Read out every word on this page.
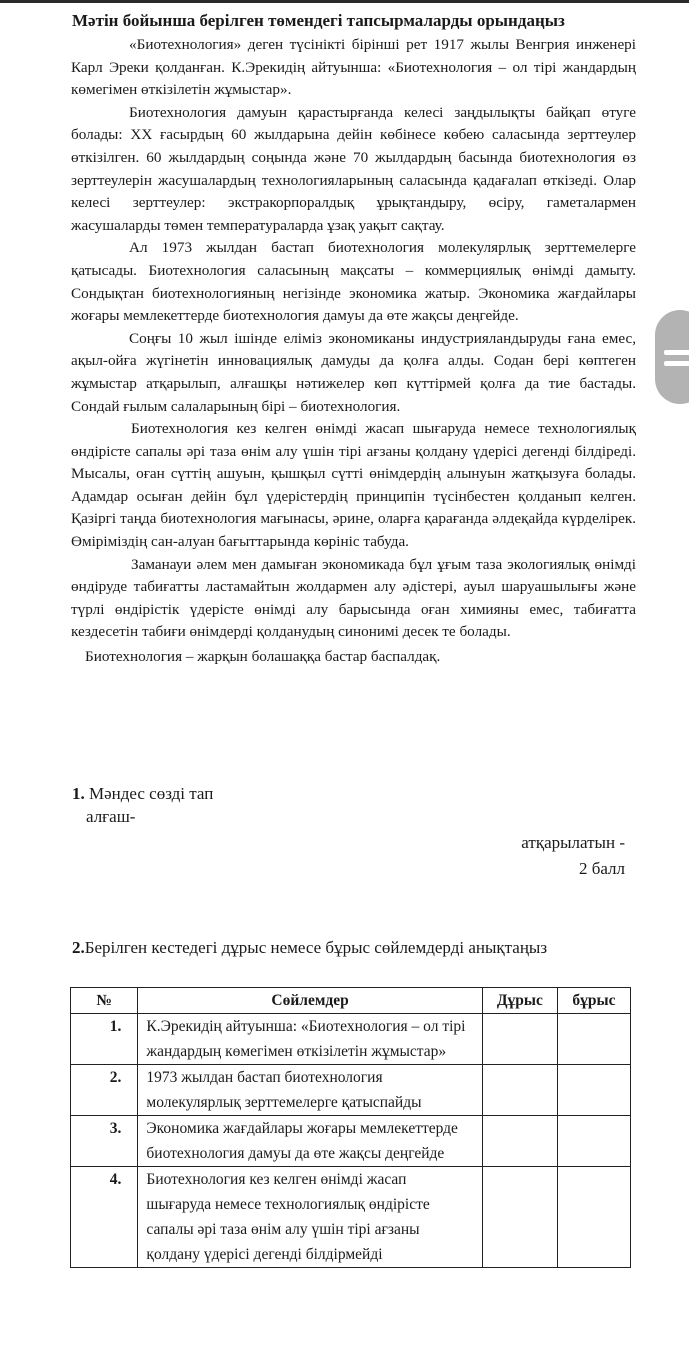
Мәтін бойынша берілген төмендегі тапсырмаларды орындаңыз

«Биотехнология» деген түсінікті бірінші рет 1917 жылы Венгрия инженері Карл Эреки қолданған. К.Эрекидің айтуынша: «Биотехнология – ол тірі жандардың көмегімен өткізілетін жұмыстар».

Биотехнология дамуын қарастырғанда келесі заңдылықты байқап өтуге болады: ХХ ғасырдың 60 жылдарына дейін көбінесе көбею саласында зерттеулер өткізілген. 60 жылдардың соңында және 70 жылдардың басында биотехнология өз зерттеулерін жасушалардың технологияларының саласында қадағалап өткізеді. Олар келесі зерттеулер: экстракорпоралдық ұрықтандыру, өсіру, гаметалармен жасушаларды төмен температураларда ұзақ уақыт сақтау.

Ал 1973 жылдан бастап биотехнология молекулярлық зерттемелерге қатысады. Биотехнология саласының мақсаты – коммерциялық өнімді дамыту. Сондықтан биотехнологияның негізінде экономика жатыр. Экономика жағдайлары жоғары мемлекеттерде биотехнология дамуы да өте жақсы деңгейде.

Соңғы 10 жыл ішінде еліміз экономиканы индустрияландыруды ғана емес, ақыл-ойға жүгінетін инновациялық дамуды да қолға алды. Содан бері көптеген жұмыстар атқарылып, алғашқы нәтижелер көп күттірмей қолға да тие бастады. Сондай ғылым салаларының бірі – биотехнология.

Биотехнология кез келген өнімді жасап шығаруда немесе технологиялық өндірісте сапалы әрі таза өнім алу үшін тірі ағзаны қолдану үдерісі дегенді білдіреді. Мысалы, оған сүттің ашуын, қышқыл сүтті өнімдердің алынуын жатқызуға болады. Адамдар осыған дейін бұл үдерістердің принципін түсінбестен қолданып келген. Қазіргі таңда биотехнология мағынасы, әрине, оларға қарағанда әлдеқайда күрделірек. Өміріміздің сан-алуан бағыттарында көрініс табуда.

Заманауи әлем мен дамыған экономикада бұл ұғым таза экологиялық өнімді өндіруде табиғатты ластамайтын жолдармен алу әдістері, ауыл шаруашылығы және түрлі өндірістік үдерісте өнімді алу барысында оған химияны емес, табиғатта кездесетін табиғи өнімдерді қолданудың синонимі десек те болады.

Биотехнология – жарқын болашаққа бастар баспалдақ.

1. Мәндес сөзді тап
алғаш-
атқарылатын -
2 балл
2.Берілген кестедегі дұрыс немесе бұрыс сөйлемдерді анықтаңыз
№	Сөйлемдер	Дұрыс	бұрыс
1.	К.Эрекидің айтуынша: «Биотехнология – ол тірі жандардың көмегімен өткізілетін жұмыстар»		
2.	1973 жылдан бастап биотехнология молекулярлық зерттемелерге қатыспайды		
3.	Экономика жағдайлары жоғары мемлекеттерде биотехнология дамуы да өте жақсы деңгейде		
4.	Биотехнология кез келген өнімді жасап шығаруда немесе технологиялық өндірісте сапалы әрі таза өнім алу үшін тірі ағзаны қолдану үдерісі дегенді білдірмейді		
